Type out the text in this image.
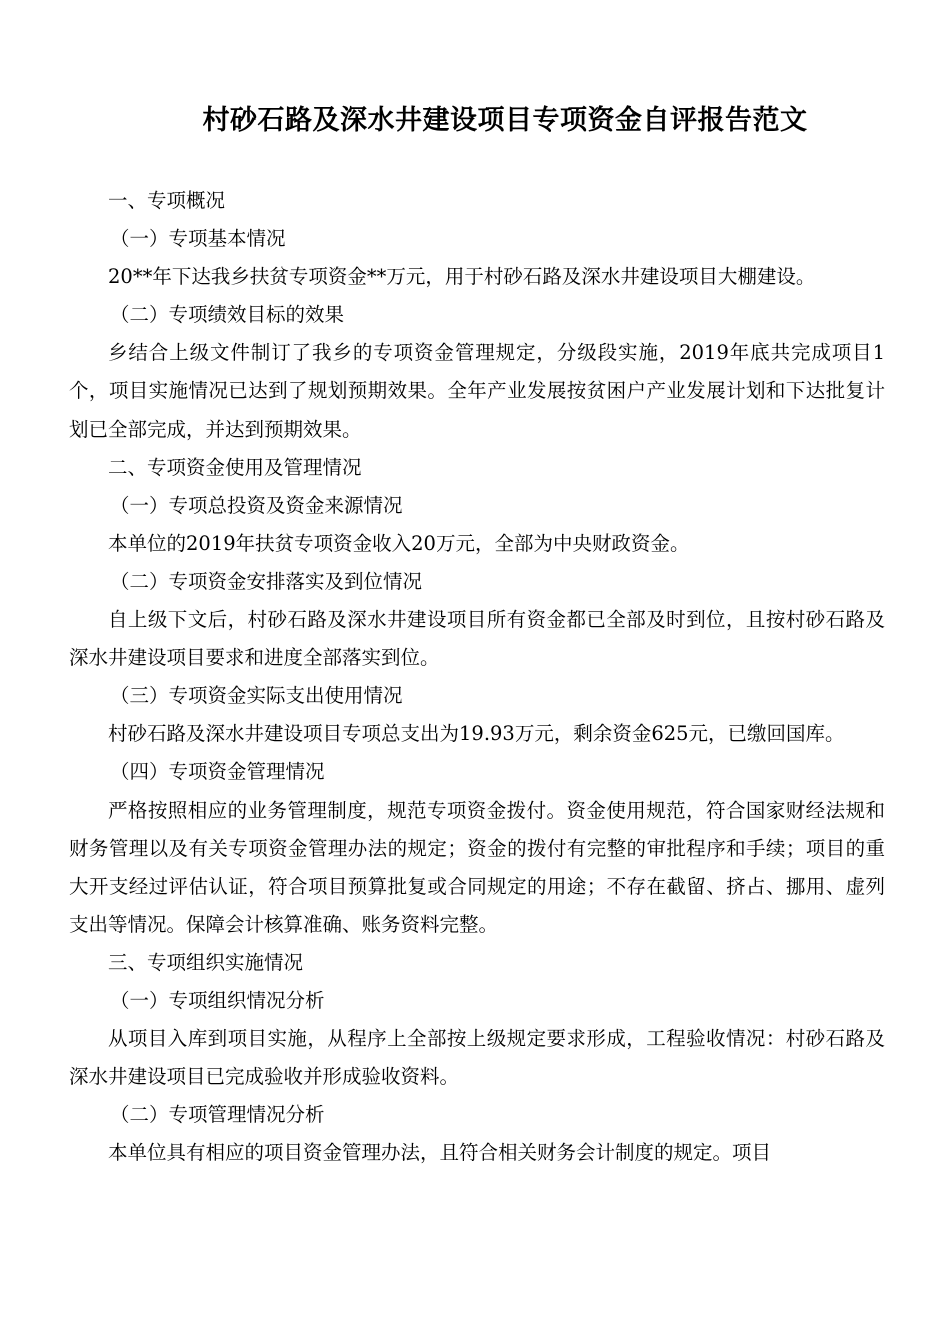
村砂石路及深水井建设项目专项资金自评报告范文

一、专项概况

（一）专项基本情况

20**年下达我乡扶贫专项资金**万元，用于村砂石路及深水井建设项目大棚建设。

（二）专项绩效目标的效果

乡结合上级文件制订了我乡的专项资金管理规定，分级段实施，2019年底共完成项目1个，项目实施情况已达到了规划预期效果。全年产业发展按贫困户产业发展计划和下达批复计划已全部完成，并达到预期效果。

二、专项资金使用及管理情况

（一）专项总投资及资金来源情况

本单位的2019年扶贫专项资金收入20万元，全部为中央财政资金。

（二）专项资金安排落实及到位情况

自上级下文后，村砂石路及深水井建设项目所有资金都已全部及时到位，且按村砂石路及深水井建设项目要求和进度全部落实到位。

（三）专项资金实际支出使用情况

村砂石路及深水井建设项目专项总支出为19.93万元，剩余资金625元，已缴回国库。

（四）专项资金管理情况

严格按照相应的业务管理制度，规范专项资金拨付。资金使用规范，符合国家财经法规和财务管理以及有关专项资金管理办法的规定；资金的拨付有完整的审批程序和手续；项目的重大开支经过评估认证，符合项目预算批复或合同规定的用途；不存在截留、挤占、挪用、虚列支出等情况。保障会计核算准确、账务资料完整。

三、专项组织实施情况

（一）专项组织情况分析

从项目入库到项目实施，从程序上全部按上级规定要求形成，工程验收情况：村砂石路及深水井建设项目已完成验收并形成验收资料。

（二）专项管理情况分析

本单位具有相应的项目资金管理办法，且符合相关财务会计制度的规定。项目
